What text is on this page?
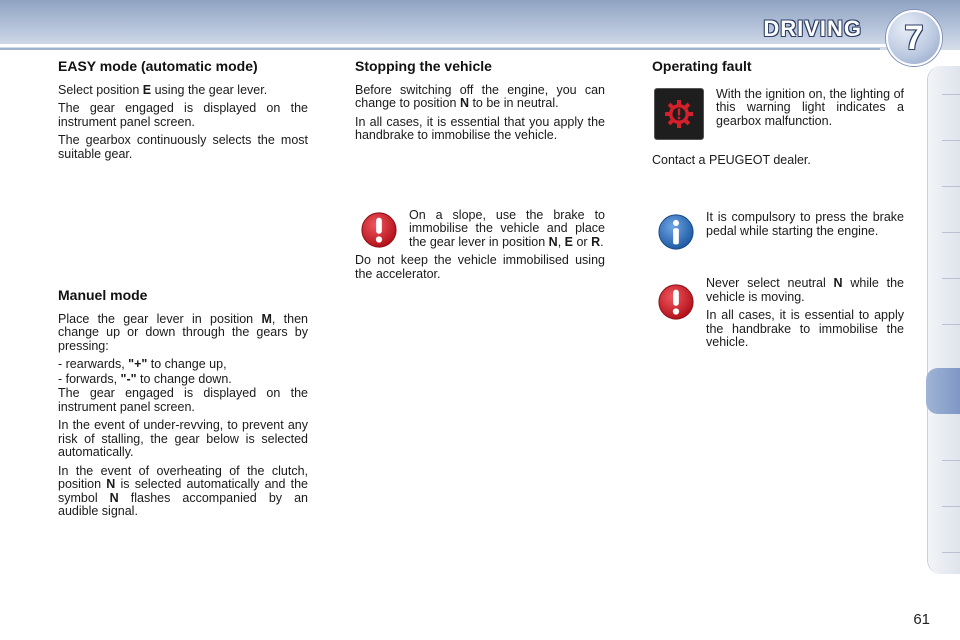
DRIVING	7
EASY mode (automatic mode)

Select position E using the gear lever.

The gear engaged is displayed on the instrument panel screen.

The gearbox continuously selects the most suitable gear.

Manuel mode

Place the gear lever in position M, then change up or down through the gears by pressing:

- rearwards, "+" to change up,

- forwards, "-" to change down.

The gear engaged is displayed on the instrument panel screen.

In the event of under-revving, to prevent any risk of stalling, the gear below is selected automatically.

In the event of overheating of the clutch, position N is selected automatically and the symbol N flashes accompanied by an audible signal.

Stopping the vehicle

Before switching off the engine, you can change to position N to be in neutral.

In all cases, it is essential that you apply the handbrake to immobilise the vehicle.

On a slope, use the brake to immobilise the vehicle and place the gear lever in position N, E or R.

Do not keep the vehicle immobilised using the accelerator.

Operating fault

With the ignition on, the lighting of this warning light indicates a gearbox malfunction.

Contact a PEUGEOT dealer.

It is compulsory to press the brake pedal while starting the engine.

Never select neutral N while the vehicle is moving.

In all cases, it is essential to apply the handbrake to immobilise the vehicle.

61
